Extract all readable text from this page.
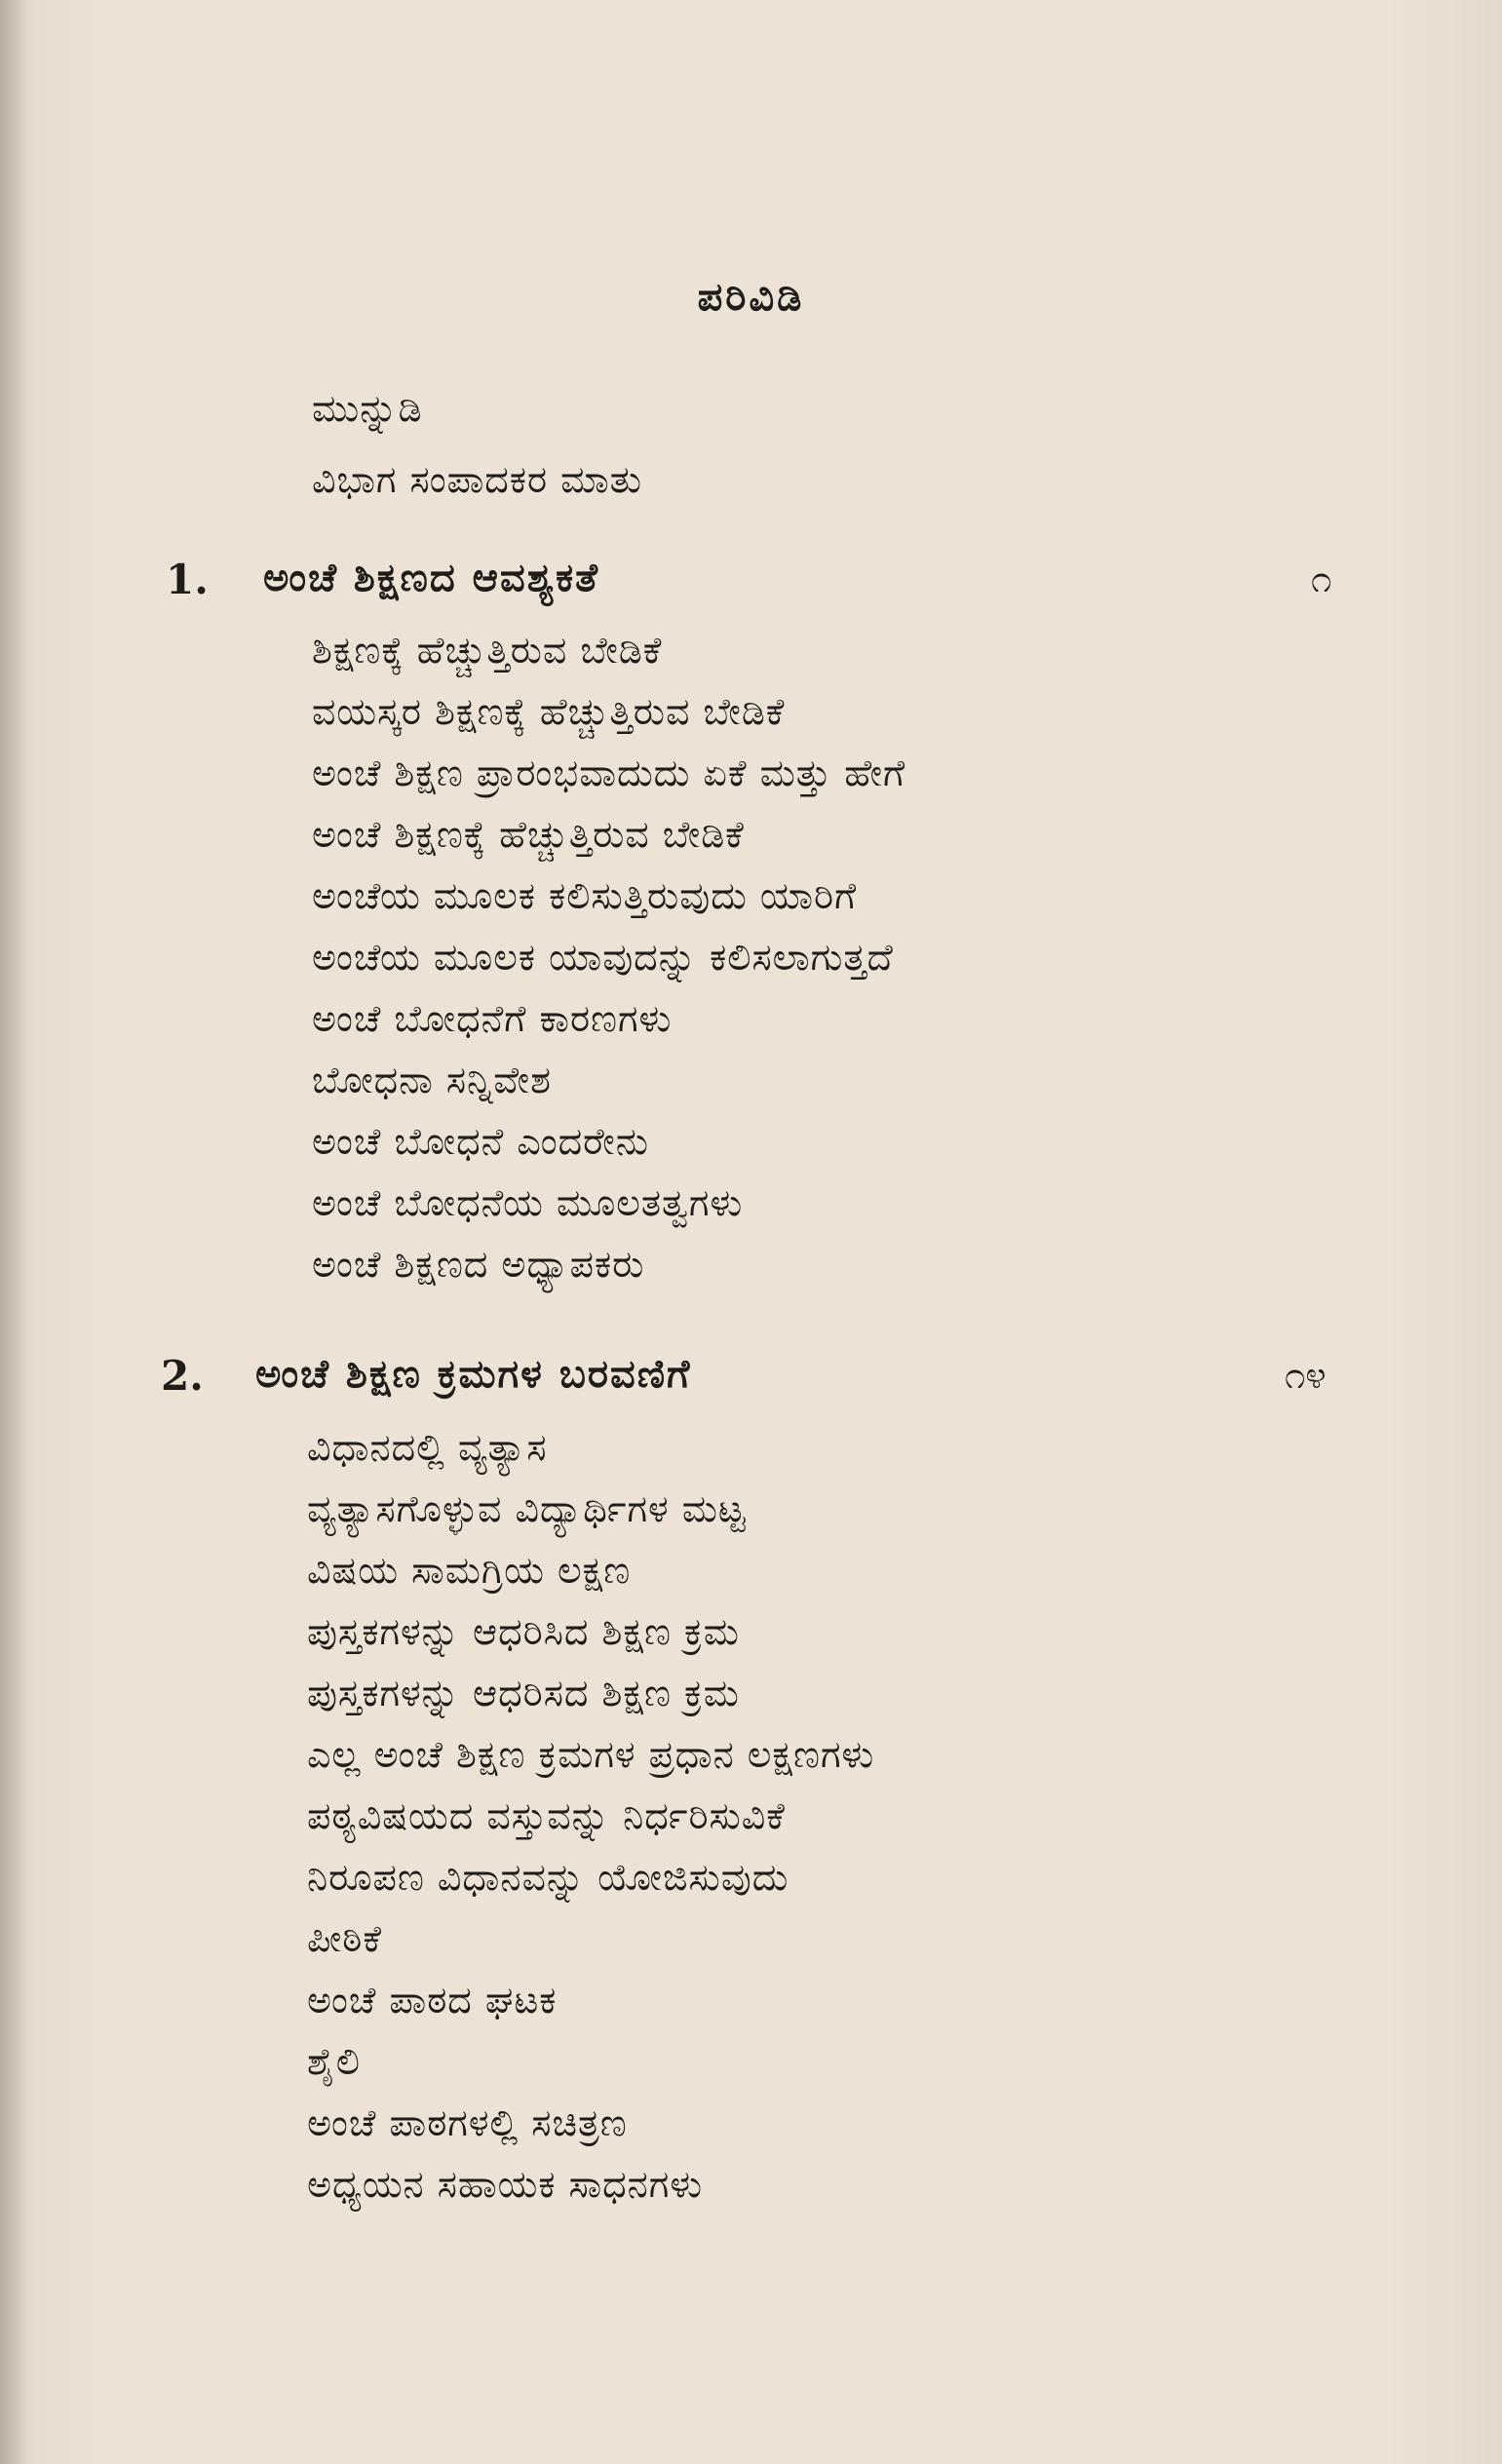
ಪರಿವಿಡಿ
ಮುನ್ನುಡಿ
ವಿಭಾಗ ಸಂಪಾದಕರ ಮಾತು
1. ಅಂಚೆ ಶಿಕ್ಷಣದ ಆವಶ್ಯಕತೆ	೧
ಶಿಕ್ಷಣಕ್ಕೆ ಹೆಚ್ಚುತ್ತಿರುವ ಬೇಡಿಕೆ
ವಯಸ್ಕರ ಶಿಕ್ಷಣಕ್ಕೆ ಹೆಚ್ಚುತ್ತಿರುವ ಬೇಡಿಕೆ
ಅಂಚೆ ಶಿಕ್ಷಣ ಪ್ರಾರಂಭವಾದುದು ಏಕೆ ಮತ್ತು ಹೇಗೆ
ಅಂಚೆ ಶಿಕ್ಷಣಕ್ಕೆ ಹೆಚ್ಚುತ್ತಿರುವ ಬೇಡಿಕೆ
ಅಂಚೆಯ ಮೂಲಕ ಕಲಿಸುತ್ತಿರುವುದು ಯಾರಿಗೆ
ಅಂಚೆಯ ಮೂಲಕ ಯಾವುದನ್ನು ಕಲಿಸಲಾಗುತ್ತದೆ
ಅಂಚೆ ಬೋಧನೆಗೆ ಕಾರಣಗಳು
ಬೋಧನಾ ಸನ್ನಿವೇಶ
ಅಂಚೆ ಬೋಧನೆ ಎಂದರೇನು
ಅಂಚೆ ಬೋಧನೆಯ ಮೂಲತತ್ವಗಳು
ಅಂಚೆ ಶಿಕ್ಷಣದ ಅಧ್ಯಾಪಕರು
2. ಅಂಚೆ ಶಿಕ್ಷಣ ಕ್ರಮಗಳ ಬರವಣಿಗೆ	೧೪
ವಿಧಾನದಲ್ಲಿ ವ್ಯತ್ಯಾಸ
ವ್ಯತ್ಯಾಸಗೊಳ್ಳುವ ವಿದ್ಯಾರ್ಥಿಗಳ ಮಟ್ಟ
ವಿಷಯ ಸಾಮಗ್ರಿಯ ಲಕ್ಷಣ
ಪುಸ್ತಕಗಳನ್ನು ಆಧರಿಸಿದ ಶಿಕ್ಷಣ ಕ್ರಮ
ಪುಸ್ತಕಗಳನ್ನು ಆಧರಿಸದ ಶಿಕ್ಷಣ ಕ್ರಮ
ಎಲ್ಲ ಅಂಚೆ ಶಿಕ್ಷಣ ಕ್ರಮಗಳ ಪ್ರಧಾನ ಲಕ್ಷಣಗಳು
ಪಠ್ಯವಿಷಯದ ವಸ್ತುವನ್ನು ನಿರ್ಧರಿಸುವಿಕೆ
ನಿರೂಪಣ ವಿಧಾನವನ್ನು ಯೋಜಿಸುವುದು
ಪೀಠಿಕೆ
ಅಂಚೆ ಪಾಠದ ಘಟಕ
ಶೈಲಿ
ಅಂಚೆ ಪಾಠಗಳಲ್ಲಿ ಸಚಿತ್ರಣ
ಅಧ್ಯಯನ ಸಹಾಯಕ ಸಾಧನಗಳು
